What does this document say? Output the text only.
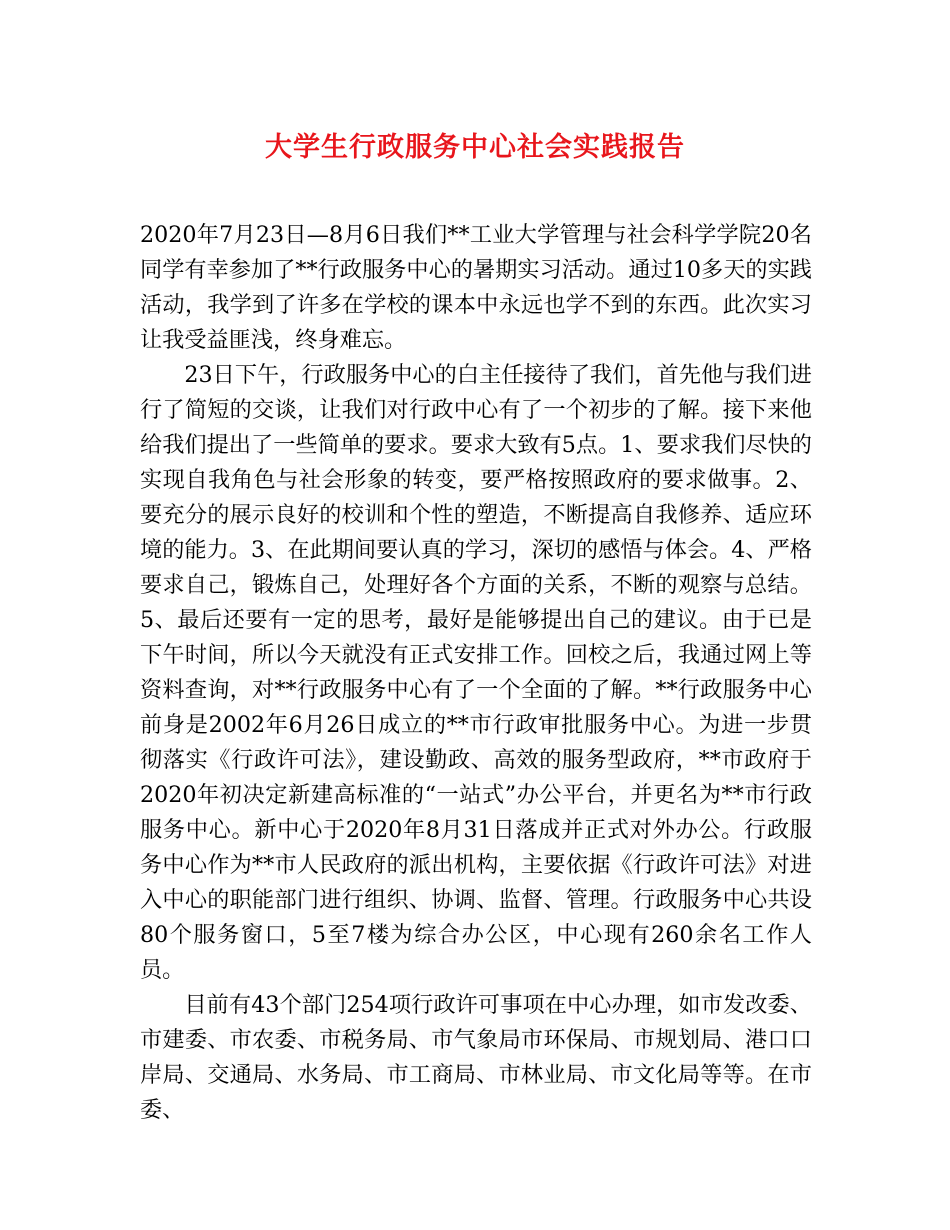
大学生行政服务中心社会实践报告

2020年7月23日—8月6日我们**工业大学管理与社会科学学院20名同学有幸参加了**行政服务中心的暑期实习活动。通过10多天的实践活动，我学到了许多在学校的课本中永远也学不到的东西。此次实习让我受益匪浅，终身难忘。

23日下午，行政服务中心的白主任接待了我们，首先他与我们进行了简短的交谈，让我们对行政中心有了一个初步的了解。接下来他给我们提出了一些简单的要求。要求大致有5点。1、要求我们尽快的实现自我角色与社会形象的转变，要严格按照政府的要求做事。2、要充分的展示良好的校训和个性的塑造，不断提高自我修养、适应环境的能力。3、在此期间要认真的学习，深切的感悟与体会。4、严格要求自己，锻炼自己，处理好各个方面的关系，不断的观察与总结。5、最后还要有一定的思考，最好是能够提出自己的建议。由于已是下午时间，所以今天就没有正式安排工作。回校之后，我通过网上等资料查询，对**行政服务中心有了一个全面的了解。**行政服务中心前身是2002年6月26日成立的**市行政审批服务中心。为进一步贯彻落实《行政许可法》，建设勤政、高效的服务型政府，**市政府于2020年初决定新建高标准的“一站式”办公平台，并更名为**市行政服务中心。新中心于2020年8月31日落成并正式对外办公。行政服务中心作为**市人民政府的派出机构，主要依据《行政许可法》对进入中心的职能部门进行组织、协调、监督、管理。行政服务中心共设80个服务窗口，5至7楼为综合办公区，中心现有260余名工作人员。

目前有43个部门254项行政许可事项在中心办理，如市发改委、市建委、市农委、市税务局、市气象局市环保局、市规划局、港口口岸局、交通局、水务局、市工商局、市林业局、市文化局等等。在市委、
